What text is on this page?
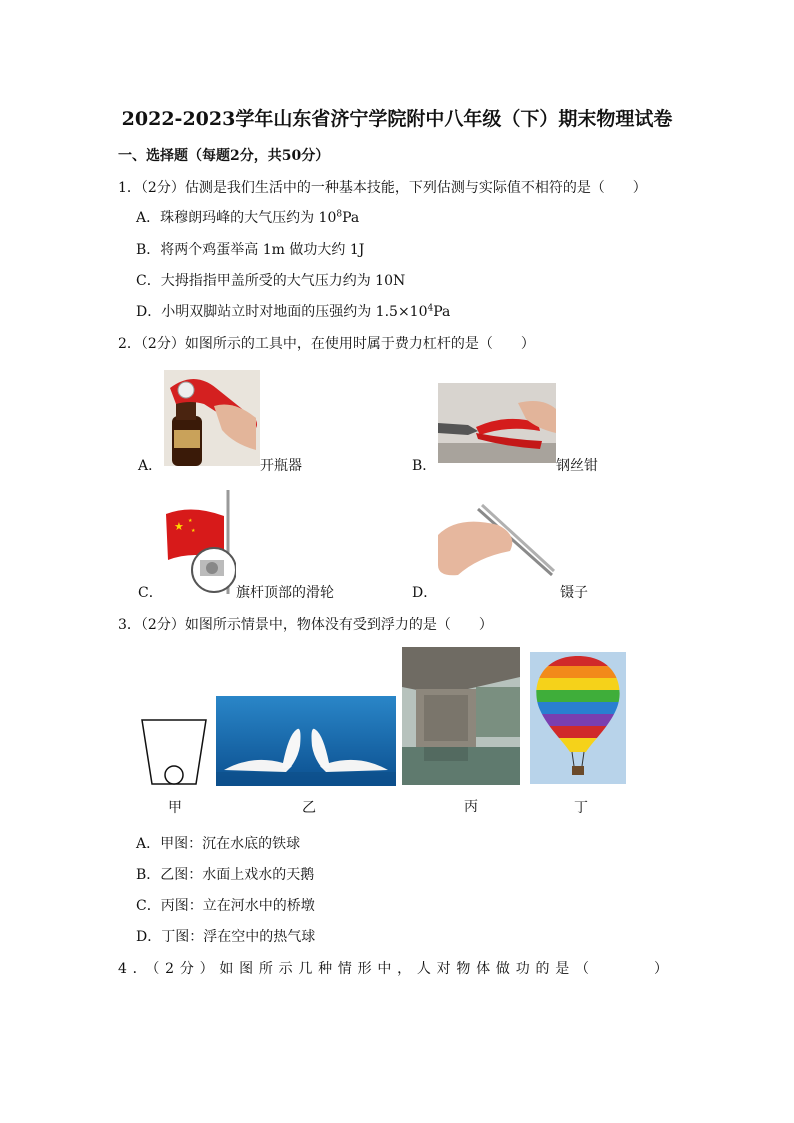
2022-2023学年山东省济宁学院附中八年级（下）期末物理试卷
一、选择题（每题2分，共50分）
1．（2分）估测是我们生活中的一种基本技能，下列估测与实际值不相符的是（　　）
A．珠穆朗玛峰的大气压约为 $10^8Pa$
B．将两个鸡蛋举高 1m 做功大约 1J
C．大拇指指甲盖所受的大气压力约为 10N
D．小明双脚站立时对地面的压强约为 $1.5\times 10^4Pa$
2．（2分）如图所示的工具中，在使用时属于费力杠杆的是（　　）
A．	开瓶器	B．	钢丝钳
★ ★
★
C．	旗杆顶部的滑轮	D．	镊子
3．（2分）如图所示情景中，物体没有受到浮力的是（　　）
甲	乙	丙	丁
A．甲图：沉在水底的铁球
B．乙图：水面上戏水的天鹅
C．丙图：立在河水中的桥墩
D．丁图：浮在空中的热气球
4．（2分）如图所示几种情形中，人对物体做功的是（　　　）
